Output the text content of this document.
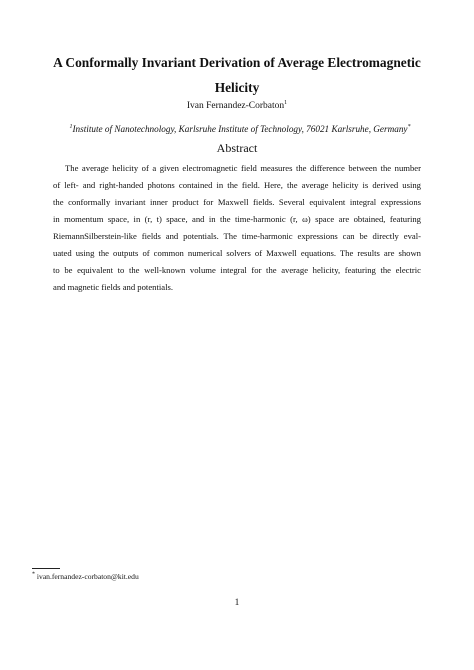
A Conformally Invariant Derivation of Average Electromagnetic
Helicity
Ivan Fernandez-Corbaton$^1$
$^1$Institute of Nanotechnology, Karlsruhe Institute of Technology, 76021 Karlsruhe, Germany*
Abstract
The average helicity of a given electromagnetic field measures the difference between the number
of left- and right-handed photons contained in the field. Here, the average helicity is derived using
the conformally invariant inner product for Maxwell fields. Several equivalent integral expressions
in momentum space, in (r, t) space, and in the time-harmonic (r, ω) space are obtained, featuring
RiemannSilberstein-like fields and potentials. The time-harmonic expressions can be directly eval-
uated using the outputs of common numerical solvers of Maxwell equations. The results are shown
to be equivalent to the well-known volume integral for the average helicity, featuring the electric
and magnetic fields and potentials.
* ivan.fernandez-corbaton@kit.edu
1
